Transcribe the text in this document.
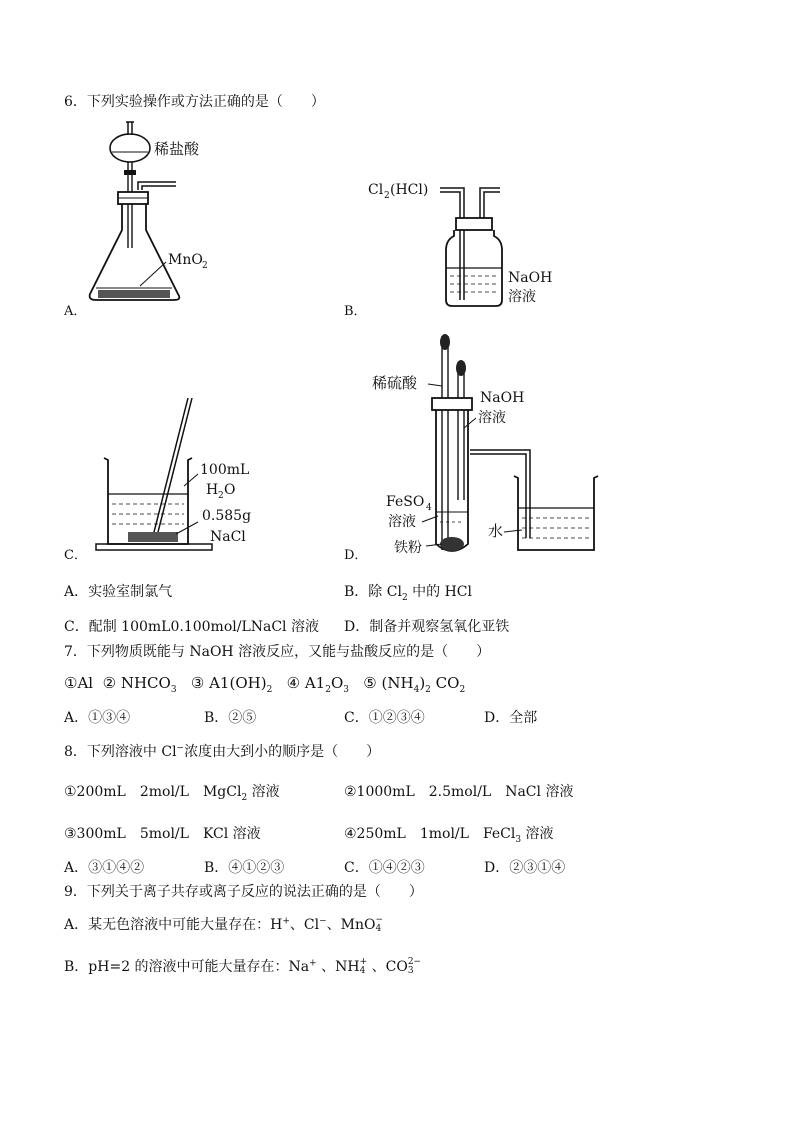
6．下列实验操作或方法正确的是（　　）
稀盐酸
MnO 2
A．
Cl 2 (HCl)
NaOH
溶液
B．
100mL
H 2 O
0.585g
NaCl
C．
稀硫酸
NaOH
溶液
FeSO 4
溶液
铁粉
水
D．
A．实验室制氯气	B．除 $Cl_2$ 中的 HCl
C．配制 100mL0.100mol/LNaCl 溶液 D．制备并观察氢氧化亚铁
7．下列物质既能与 NaOH 溶液反应，又能与盐酸反应的是（　　）
①Al ② $NHCO_3$ ③ $A1(OH)_2$ ④ $A1_2O_3$ ⑤ $(NH_4)_2$ $CO_2$
A．①③④	B．②⑤	C．①②③④	D．全部
8．下列溶液中 Cl−浓度由大到小的顺序是（　　）
①200mL　2mol/L　MgCl$_2$ 溶液	②1000mL　2.5mol/L　NaCl 溶液
③300mL　5mol/L　KCl 溶液	④250mL　1mol/L　FeCl$_3$ 溶液
A．③①④②	B．④①②③	C．①④②③	D．②③①④
9．下列关于离子共存或离子反应的说法正确的是（　　）
A．某无色溶液中可能大量存在：H+、Cl−、MnO −
4
B．pH=2 的溶液中可能大量存在：Na+ 、NH +
4 、CO 2−
3
